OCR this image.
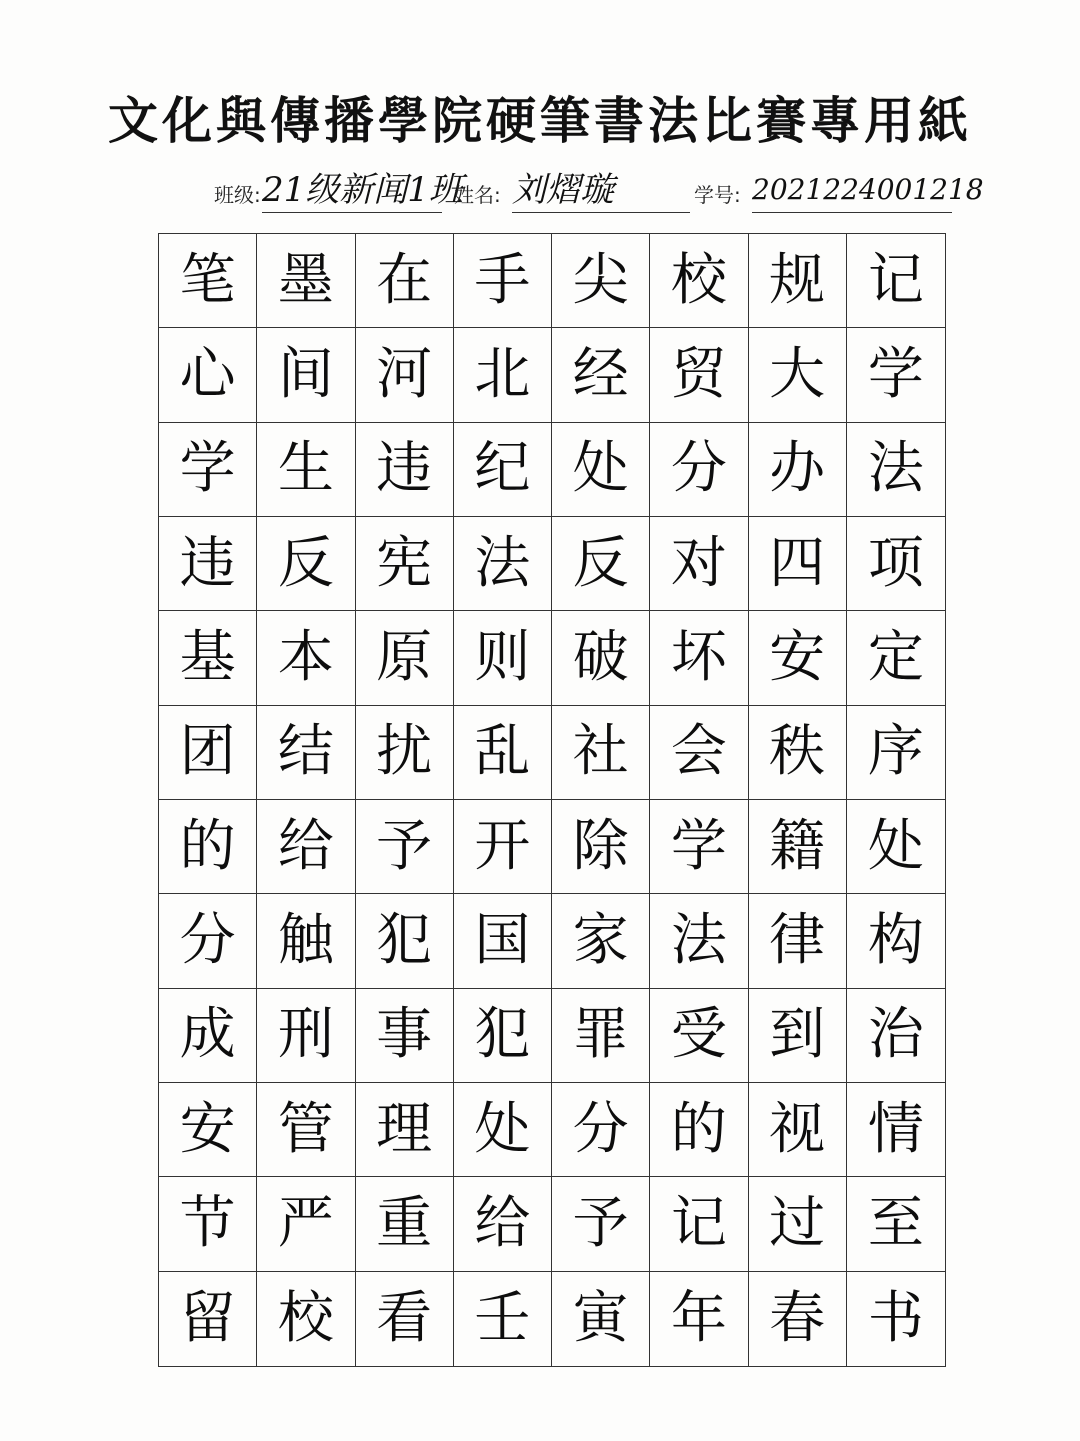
文化與傳播學院硬筆書法比賽專用紙
班级: 21级新闻1班
姓名: 刘熠璇	学号: 2021224001218
笔 墨 在 手 尖 校 规 记
心 间 河 北 经 贸 大 学
学 生 违 纪 处 分 办 法
违 反 宪 法 反 对 四 项
基 本 原 则 破 坏 安 定
团 结 扰 乱 社 会 秩 序
的 给 予 开 除 学 籍 处
分 触 犯 国 家 法 律 构
成 刑 事 犯 罪 受 到 治
安 管 理 处 分 的 视 情
节 严 重 给 予 记 过 至
留 校 看 壬 寅 年 春 书
